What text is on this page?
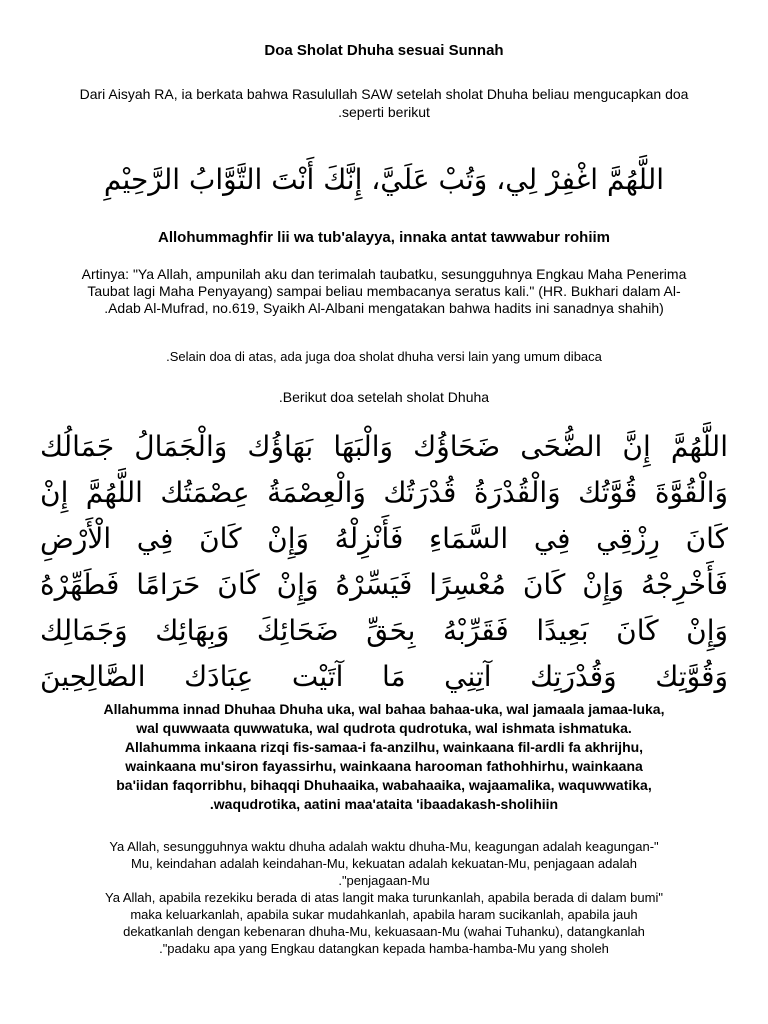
Doa Sholat Dhuha sesuai Sunnah
Dari Aisyah RA, ia berkata bahwa Rasulullah SAW setelah sholat Dhuha beliau mengucapkan doa
.seperti berikut
اللَّهُمَّ اغْفِرْ لِي، وَتُبْ عَلَيَّ، إِنَّكَ أَنْتَ التَّوَّابُ الرَّحِيْمِ
Allohummaghfir lii wa tub'alayya, innaka antat tawwabur rohiim
Artinya: "Ya Allah, ampunilah aku dan terimalah taubatku, sesungguhnya Engkau Maha Penerima
Taubat lagi Maha Penyayang) sampai beliau membacanya seratus kali." (HR. Bukhari dalam Al-
.Adab Al-Mufrad, no.619, Syaikh Al-Albani mengatakan bahwa hadits ini sanadnya shahih)
.Selain doa di atas, ada juga doa sholat dhuha versi lain yang umum dibaca
.Berikut doa setelah sholat Dhuha
اللَّهُمَّ إِنَّ الضُّحَى ضَحَاؤُك وَالْبَهَا بَهَاؤُك وَالْجَمَالُ جَمَالُك
وَالْقُوَّةَ قُوَّتُك وَالْقُدْرَةُ قُدْرَتُك وَالْعِصْمَةُ عِصْمَتُك اللَّهُمَّ إِنْ
كَانَ رِزْقِي فِي السَّمَاءِ فَأَنْزِلْهُ وَإِنْ كَانَ فِي الْأَرْضِ
فَأَخْرِجْهُ وَإِنْ كَانَ مُعْسِرًا فَيَسِّرْهُ وَإِنْ كَانَ حَرَامًا فَطَهِّرْهُ
وَإِنْ كَانَ بَعِيدًا فَقَرِّبْهُ بِحَقِّ ضَحَائِكَ وَبِهَائِك وَجَمَالِك
وَقُوَّتِك وَقُدْرَتِك آتِنِي مَا آتَيْت عِبَادَك الصَّالِحِينَ
Allahumma innad Dhuhaa Dhuha uka, wal bahaa bahaa-uka, wal jamaala jamaa-luka,
wal quwwaata quwwatuka, wal qudrota qudrotuka, wal ishmata ishmatuka.
Allahumma inkaana rizqi fis-samaa-i fa-anzilhu, wainkaana fil-ardli fa akhrijhu,
wainkaana mu'siron fayassirhu, wainkaana harooman fathohhirhu, wainkaana
ba'iidan faqorribhu, bihaqqi Dhuhaaika, wabahaaika, wajaamalika, waquwwatika,
.waqudrotika, aatini maa'ataita 'ibaadakash-sholihiin
Ya Allah, sesungguhnya waktu dhuha adalah waktu dhuha-Mu, keagungan adalah keagungan-"
Mu, keindahan adalah keindahan-Mu, kekuatan adalah kekuatan-Mu, penjagaan adalah
."penjagaan-Mu
Ya Allah, apabila rezekiku berada di atas langit maka turunkanlah, apabila berada di dalam bumi"
maka keluarkanlah, apabila sukar mudahkanlah, apabila haram sucikanlah, apabila jauh
dekatkanlah dengan kebenaran dhuha-Mu, kekuasaan-Mu (wahai Tuhanku), datangkanlah
."padaku apa yang Engkau datangkan kepada hamba-hamba-Mu yang sholeh
